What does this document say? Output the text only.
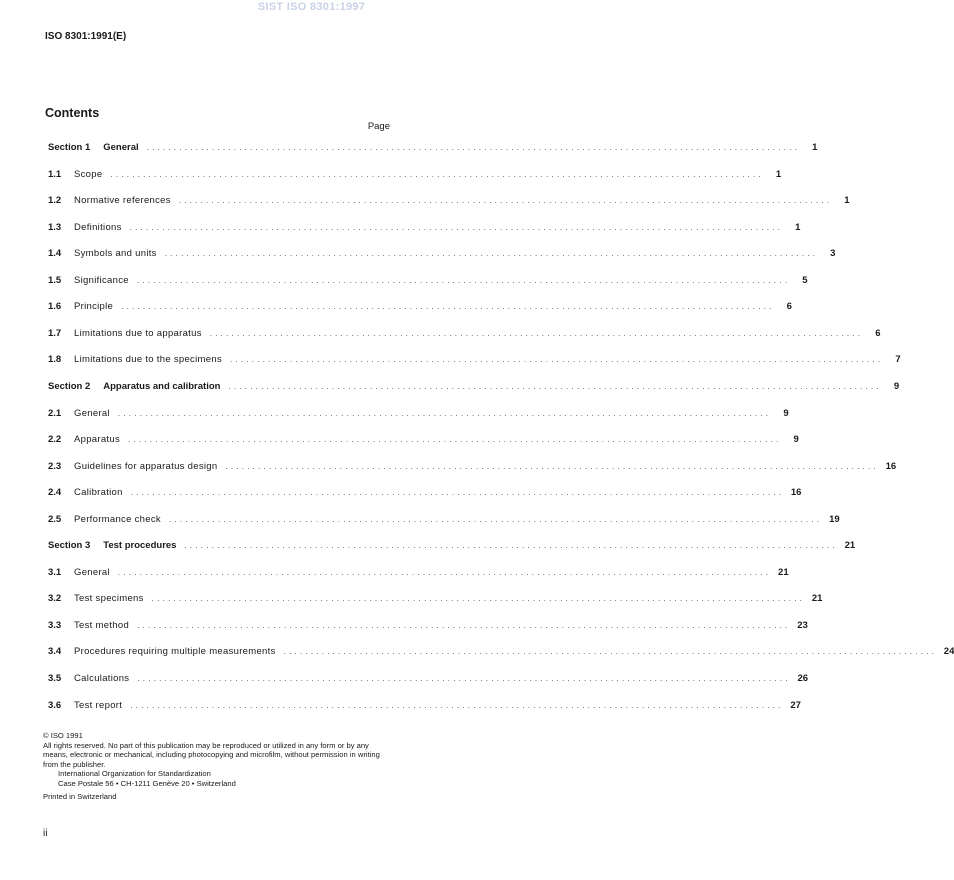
SIST ISO 8301:1997
ISO 8301:1991(E)
Contents
Page
Section 1 General . . . . . . . . . . . . . . . . . . . . . . . . . . . . . . . . . . . . . . . . . . . . . . . . . . . . . . . . . . . . . . . . . . . . . . . . . . . . . . . . . . . . . . . . . . . . . . . . . . . . . . . . . . . . . . . . . . . . . . . .	1
1.1	Scope . . . . . . . . . . . . . . . . . . . . . . . . . . . . . . . . . . . . . . . . . . . . . . . . . . . . . . . . . . . . . . . . . . . . . . . . . . . . . . . . . . . . . . . . . . . . . . . . . . . . . . . . . . . . . . . . . . . . . . . .	1
1.2	Normative references . . . . . . . . . . . . . . . . . . . . . . . . . . . . . . . . . . . . . . . . . . . . . . . . . . . . . . . . . . . . . . . . . . . . . . . . . . . . . . . . . . . . . . . . . . . . . . . . . . . . . . . . . . . . . . . . . . . . . . . .	1
1.3	Definitions . . . . . . . . . . . . . . . . . . . . . . . . . . . . . . . . . . . . . . . . . . . . . . . . . . . . . . . . . . . . . . . . . . . . . . . . . . . . . . . . . . . . . . . . . . . . . . . . . . . . . . . . . . . . . . . . . . . . . . . .	1
1.4	Symbols and units . . . . . . . . . . . . . . . . . . . . . . . . . . . . . . . . . . . . . . . . . . . . . . . . . . . . . . . . . . . . . . . . . . . . . . . . . . . . . . . . . . . . . . . . . . . . . . . . . . . . . . . . . . . . . . . . . . . . . . . .	3
1.5	Significance . . . . . . . . . . . . . . . . . . . . . . . . . . . . . . . . . . . . . . . . . . . . . . . . . . . . . . . . . . . . . . . . . . . . . . . . . . . . . . . . . . . . . . . . . . . . . . . . . . . . . . . . . . . . . . . . . . . . . . . .	5
1.6	Principle . . . . . . . . . . . . . . . . . . . . . . . . . . . . . . . . . . . . . . . . . . . . . . . . . . . . . . . . . . . . . . . . . . . . . . . . . . . . . . . . . . . . . . . . . . . . . . . . . . . . . . . . . . . . . . . . . . . . . . . .	6
1.7	Limitations due to apparatus . . . . . . . . . . . . . . . . . . . . . . . . . . . . . . . . . . . . . . . . . . . . . . . . . . . . . . . . . . . . . . . . . . . . . . . . . . . . . . . . . . . . . . . . . . . . . . . . . . . . . . . . . . . . . . . . . . . . . . . .	6
1.8	Limitations due to the specimens . . . . . . . . . . . . . . . . . . . . . . . . . . . . . . . . . . . . . . . . . . . . . . . . . . . . . . . . . . . . . . . . . . . . . . . . . . . . . . . . . . . . . . . . . . . . . . . . . . . . . . . . . . . . . . . . . . . . . . . .	7
Section 2 Apparatus and calibration . . . . . . . . . . . . . . . . . . . . . . . . . . . . . . . . . . . . . . . . . . . . . . . . . . . . . . . . . . . . . . . . . . . . . . . . . . . . . . . . . . . . . . . . . . . . . . . . . . . . . . . . . . . . . . . . . . . . . . . .	9
2.1	General . . . . . . . . . . . . . . . . . . . . . . . . . . . . . . . . . . . . . . . . . . . . . . . . . . . . . . . . . . . . . . . . . . . . . . . . . . . . . . . . . . . . . . . . . . . . . . . . . . . . . . . . . . . . . . . . . . . . . . . .	9
2.2	Apparatus . . . . . . . . . . . . . . . . . . . . . . . . . . . . . . . . . . . . . . . . . . . . . . . . . . . . . . . . . . . . . . . . . . . . . . . . . . . . . . . . . . . . . . . . . . . . . . . . . . . . . . . . . . . . . . . . . . . . . . . .	9
2.3	Guidelines for apparatus design . . . . . . . . . . . . . . . . . . . . . . . . . . . . . . . . . . . . . . . . . . . . . . . . . . . . . . . . . . . . . . . . . . . . . . . . . . . . . . . . . . . . . . . . . . . . . . . . . . . . . . . . . . . . . . . . . . . . . . . . 16
2.4	Calibration . . . . . . . . . . . . . . . . . . . . . . . . . . . . . . . . . . . . . . . . . . . . . . . . . . . . . . . . . . . . . . . . . . . . . . . . . . . . . . . . . . . . . . . . . . . . . . . . . . . . . . . . . . . . . . . . . . . . . . . . 16
2.5	Performance check . . . . . . . . . . . . . . . . . . . . . . . . . . . . . . . . . . . . . . . . . . . . . . . . . . . . . . . . . . . . . . . . . . . . . . . . . . . . . . . . . . . . . . . . . . . . . . . . . . . . . . . . . . . . . . . . . . . . . . . . 19
Section 3 Test procedures . . . . . . . . . . . . . . . . . . . . . . . . . . . . . . . . . . . . . . . . . . . . . . . . . . . . . . . . . . . . . . . . . . . . . . . . . . . . . . . . . . . . . . . . . . . . . . . . . . . . . . . . . . . . . . . . . . . . . . . . 21
3.1	General . . . . . . . . . . . . . . . . . . . . . . . . . . . . . . . . . . . . . . . . . . . . . . . . . . . . . . . . . . . . . . . . . . . . . . . . . . . . . . . . . . . . . . . . . . . . . . . . . . . . . . . . . . . . . . . . . . . . . . . . 21
3.2	Test specimens . . . . . . . . . . . . . . . . . . . . . . . . . . . . . . . . . . . . . . . . . . . . . . . . . . . . . . . . . . . . . . . . . . . . . . . . . . . . . . . . . . . . . . . . . . . . . . . . . . . . . . . . . . . . . . . . . . . . . . . . 21
3.3	Test method . . . . . . . . . . . . . . . . . . . . . . . . . . . . . . . . . . . . . . . . . . . . . . . . . . . . . . . . . . . . . . . . . . . . . . . . . . . . . . . . . . . . . . . . . . . . . . . . . . . . . . . . . . . . . . . . . . . . . . . . 23
3.4	Procedures requiring multiple measurements . . . . . . . . . . . . . . . . . . . . . . . . . . . . . . . . . . . . . . . . . . . . . . . . . . . . . . . . . . . . . . . . . . . . . . . . . . . . . . . . . . . . . . . . . . . . . . . . . . . . . . . . . . . . . . . . . . . . . . . . 24
3.5	Calculations . . . . . . . . . . . . . . . . . . . . . . . . . . . . . . . . . . . . . . . . . . . . . . . . . . . . . . . . . . . . . . . . . . . . . . . . . . . . . . . . . . . . . . . . . . . . . . . . . . . . . . . . . . . . . . . . . . . . . . . . 26
3.6	Test report . . . . . . . . . . . . . . . . . . . . . . . . . . . . . . . . . . . . . . . . . . . . . . . . . . . . . . . . . . . . . . . . . . . . . . . . . . . . . . . . . . . . . . . . . . . . . . . . . . . . . . . . . . . . . . . . . . . . . . . . 27

© ISO 1991

All rights reserved. No part of this publication may be reproduced or utilized in any form or by any means, electronic or mechanical, including photocopying and microfilm, without permission in writing from the publisher.

International Organization for Standardization

Case Postale 56 • CH-1211 Genève 20 • Switzerland

Printed in Switzerland

ii
